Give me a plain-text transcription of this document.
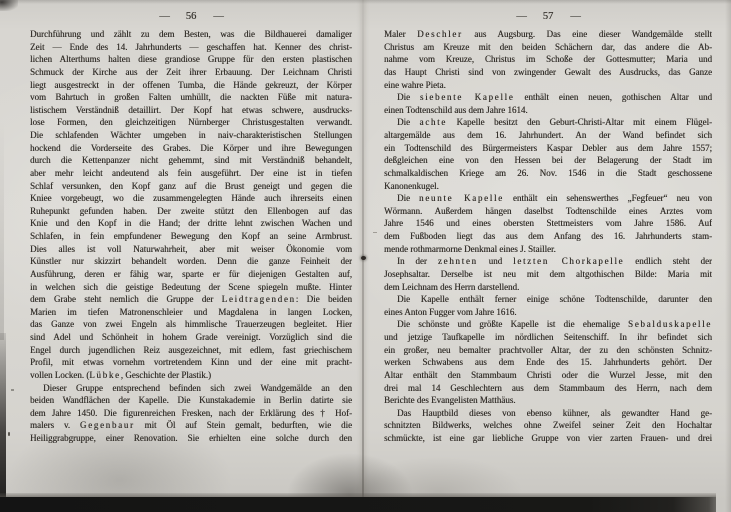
— 56 —
Durchführung und zählt zu dem Besten, was die Bildhauerei damaliger
Zeit — Ende des 14. Jahrhunderts — geschaffen hat. Kenner des christ-
lichen Alterthums halten diese grandiose Gruppe für den ersten plastischen
Schmuck der Kirche aus der Zeit ihrer Erbauung. Der Leichnam Christi
liegt ausgestreckt in der offenen Tumba, die Hände gekreuzt, der Körper
vom Bahrtuch in großen Falten umhüllt, die nackten Füße mit natura-
listischem Verständniß detaillirt. Der Kopf hat etwas schwere, ausdrucks-
lose Formen, den gleichzeitigen Nürnberger Christusgestalten verwandt.
Die schlafenden Wächter umgeben in naiv-charakteristischen Stellungen
hockend die Vorderseite des Grabes. Die Körper und ihre Bewegungen
durch die Kettenpanzer nicht gehemmt, sind mit Verständniß behandelt,
aber mehr leicht andeutend als fein ausgeführt. Der eine ist in tiefen
Schlaf versunken, den Kopf ganz auf die Brust geneigt und gegen die
Kniee vorgebeugt, wo die zusammengelegten Hände auch ihrerseits einen
Ruhepunkt gefunden haben. Der zweite stützt den Ellenbogen auf das
Knie und den Kopf in die Hand; der dritte lehnt zwischen Wachen und
Schlafen, in fein empfundener Bewegung den Kopf an seine Armbrust.
Dies alles ist voll Naturwahrheit, aber mit weiser Ökonomie vom
Künstler nur skizzirt behandelt worden. Denn die ganze Feinheit der
Ausführung, deren er fähig war, sparte er für diejenigen Gestalten auf,
in welchen sich die geistige Bedeutung der Scene spiegeln mußte. Hinter
dem Grabe steht nemlich die Gruppe der Leidtragenden: Die beiden
Marien im tiefen Matronenschleier und Magdalena in langen Locken,
das Ganze von zwei Engeln als himmlische Trauerzeugen begleitet. Hier
sind Adel und Schönheit in hohem Grade vereinigt. Vorzüglich sind die
Engel durch jugendlichen Reiz ausgezeichnet, mit edlem, fast griechischem
Profil, mit etwas vornehm vortretendem Kinn und der eine mit pracht-
vollen Locken. (Lübke, Geschichte der Plastik.)
Dieser Gruppe entsprechend befinden sich zwei Wandgemälde an den
beiden Wandflächen der Kapelle. Die Kunstakademie in Berlin datirte sie
dem Jahre 1450. Die figurenreichen Fresken, nach der Erklärung des † Hof-
malers v. Gegenbaur mit Öl auf Stein gemalt, bedurften, wie die
Heiliggrabgruppe, einer Renovation. Sie erhielten eine solche durch den
— 57 —
Maler Deschler aus Augsburg. Das eine dieser Wandgemälde stellt
Christus am Kreuze mit den beiden Schächern dar, das andere die Ab-
nahme vom Kreuze, Christus im Schoße der Gottesmutter; Maria und
das Haupt Christi sind von zwingender Gewalt des Ausdrucks, das Ganze
eine wahre Pieta.
Die siebente Kapelle enthält einen neuen, gothischen Altar und
einen Todtenschild aus dem Jahre 1614.
Die achte Kapelle besitzt den Geburt-Christi-Altar mit einem Flügel-
altargemälde aus dem 16. Jahrhundert. An der Wand befindet sich
ein Todtenschild des Bürgermeisters Kaspar Debler aus dem Jahre 1557;
deßgleichen eine von den Hessen bei der Belagerung der Stadt im
schmalkaldischen Kriege am 26. Nov. 1546 in die Stadt geschossene
Kanonenkugel.
Die neunte Kapelle enthält ein sehenswerthes „Fegfeuer“ neu von
Wörmann. Außerdem hängen daselbst Todtenschilde eines Arztes vom
Jahre 1546 und eines obersten Stettmeisters vom Jahre 1586. Auf
dem Fußboden liegt das aus dem Anfang des 16. Jahrhunderts stam-
mende rothmarmorne Denkmal eines J. Stailler.
In der zehnten und letzten Chorkapelle endlich steht der
Josephsaltar. Derselbe ist neu mit dem altgothischen Bilde: Maria mit
dem Leichnam des Herrn darstellend.
Die Kapelle enthält ferner einige schöne Todtenschilde, darunter den
eines Anton Fugger vom Jahre 1616.
Die schönste und größte Kapelle ist die ehemalige Sebalduskapelle
und jetzige Taufkapelle im nördlichen Seitenschiff. In ihr befindet sich
ein großer, neu bemalter prachtvoller Altar, der zu den schönsten Schnitz-
werken Schwabens aus dem Ende des 15. Jahrhunderts gehört. Der
Altar enthält den Stammbaum Christi oder die Wurzel Jesse, mit den
drei mal 14 Geschlechtern aus dem Stammbaum des Herrn, nach dem
Berichte des Evangelisten Matthäus.
Das Hauptbild dieses von ebenso kühner, als gewandter Hand ge-
schnitzten Bildwerks, welches ohne Zweifel seiner Zeit den Hochaltar
schmückte, ist eine gar liebliche Gruppe von vier zarten Frauen- und drei
